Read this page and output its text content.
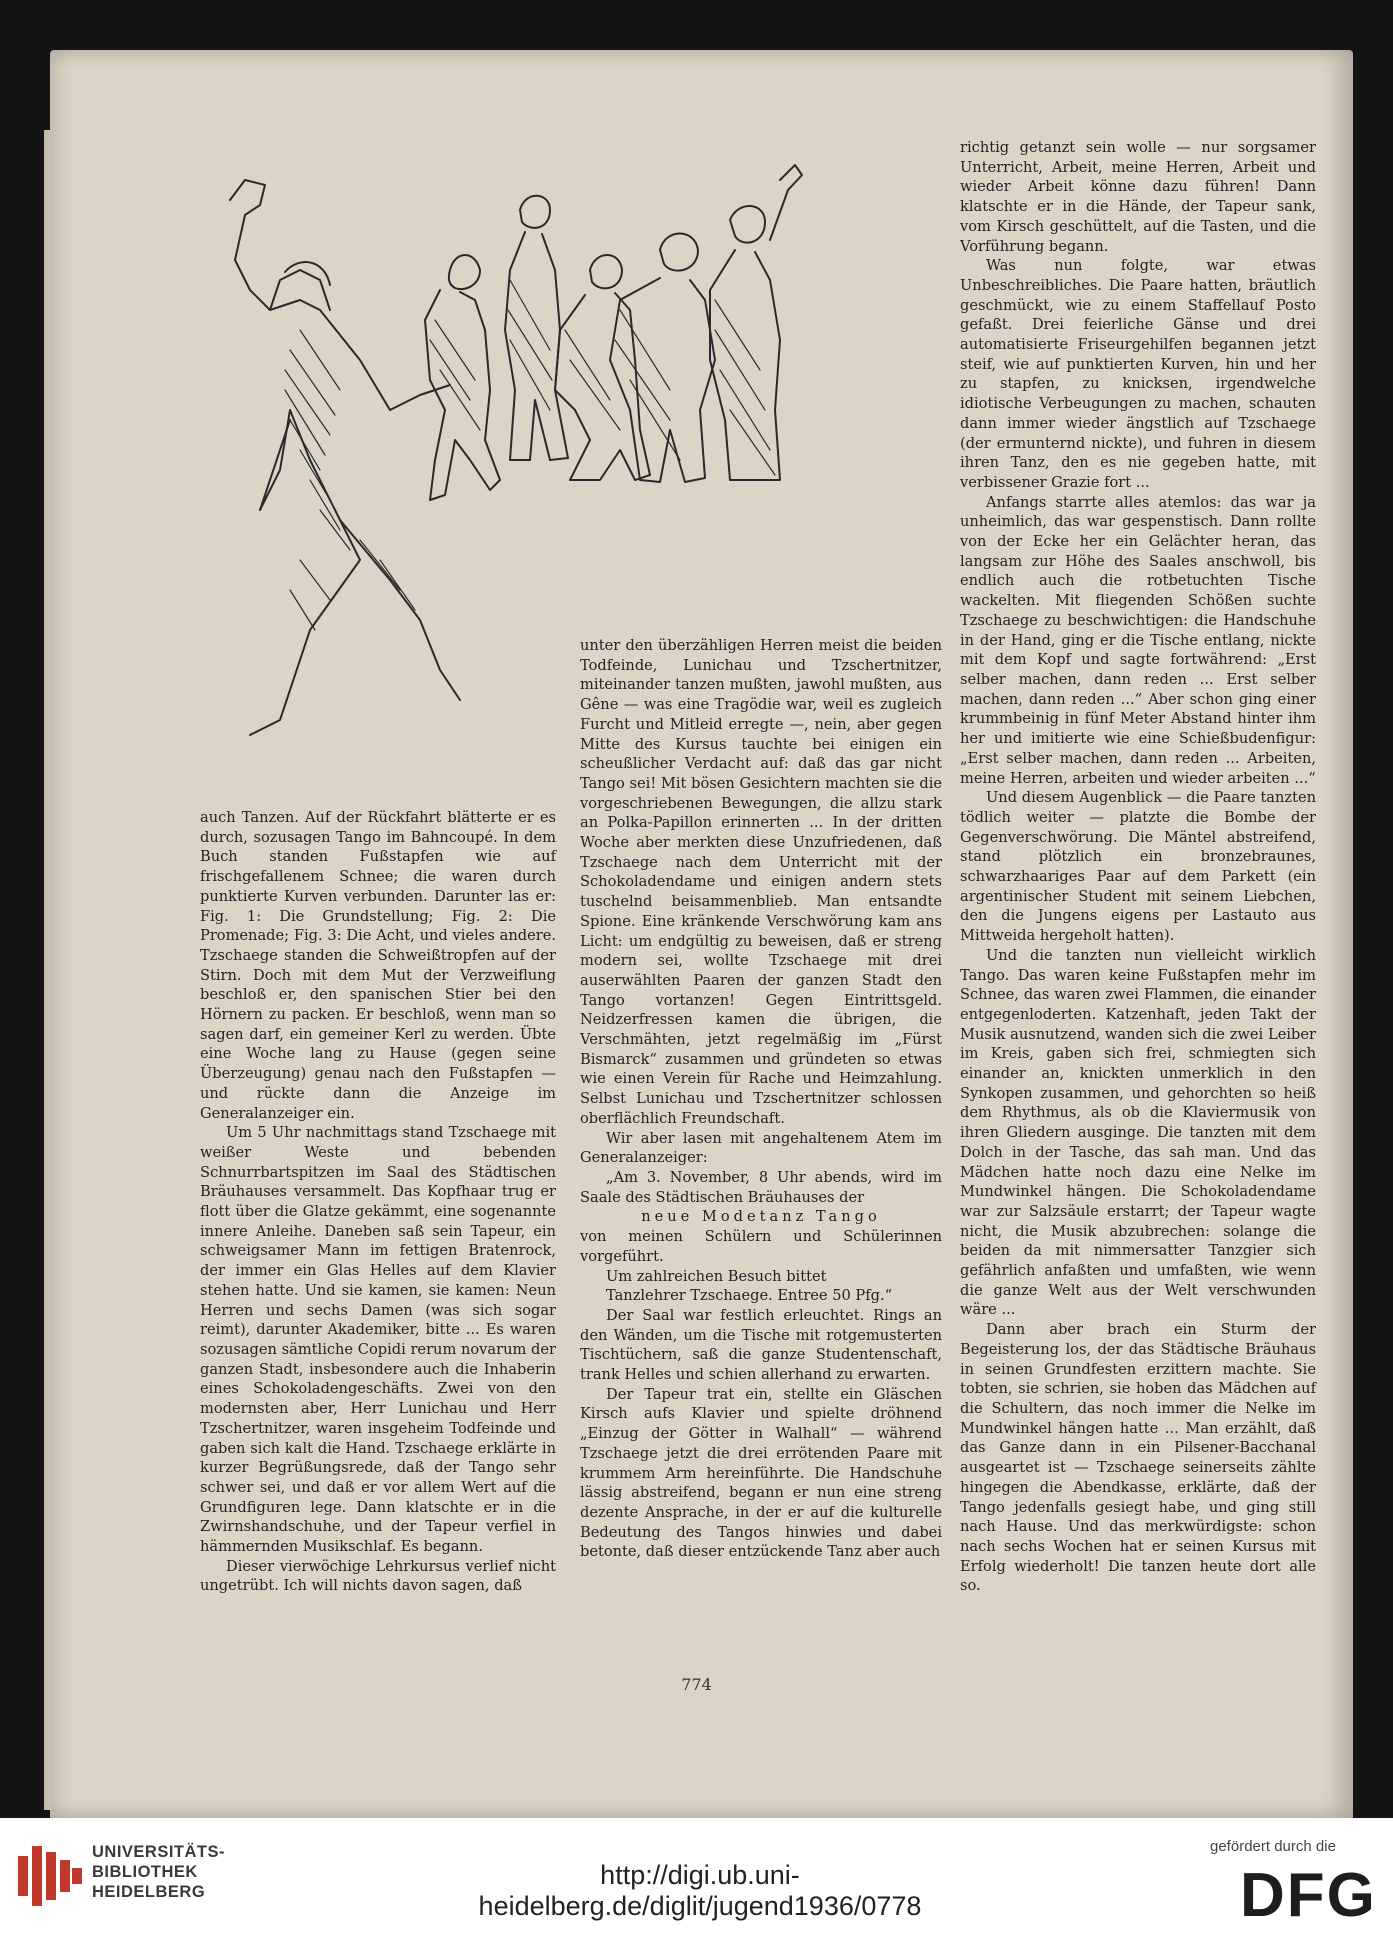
auch Tanzen. Auf der Rückfahrt blätterte er es durch, sozusagen Tango im Bahncoupé. In dem Buch standen Fußstapfen wie auf frischgefallenem Schnee; die waren durch punktierte Kurven verbunden. Darunter las er: Fig. 1: Die Grundstellung; Fig. 2: Die Promenade; Fig. 3: Die Acht, und vieles andere. Tzschaege standen die Schweißtropfen auf der Stirn. Doch mit dem Mut der Verzweiflung beschloß er, den spanischen Stier bei den Hörnern zu packen. Er beschloß, wenn man so sagen darf, ein gemeiner Kerl zu werden. Übte eine Woche lang zu Hause (gegen seine Überzeugung) genau nach den Fußstapfen — und rückte dann die Anzeige im Generalanzeiger ein.

Um 5 Uhr nachmittags stand Tzschaege mit weißer Weste und bebenden Schnurrbartspitzen im Saal des Städtischen Bräuhauses versammelt. Das Kopfhaar trug er flott über die Glatze gekämmt, eine sogenannte innere Anleihe. Daneben saß sein Tapeur, ein schweigsamer Mann im fettigen Bratenrock, der immer ein Glas Helles auf dem Klavier stehen hatte. Und sie kamen, sie kamen: Neun Herren und sechs Damen (was sich sogar reimt), darunter Akademiker, bitte ... Es waren sozusagen sämtliche Copidi rerum novarum der ganzen Stadt, insbesondere auch die Inhaberin eines Schokoladengeschäfts. Zwei von den modernsten aber, Herr Lunichau und Herr Tzschertnitzer, waren insgeheim Todfeinde und gaben sich kalt die Hand. Tzschaege erklärte in kurzer Begrüßungsrede, daß der Tango sehr schwer sei, und daß er vor allem Wert auf die Grundfiguren lege. Dann klatschte er in die Zwirnshandschuhe, und der Tapeur verfiel in hämmernden Musikschlaf. Es begann.

Dieser vierwöchige Lehrkursus verlief nicht ungetrübt. Ich will nichts davon sagen, daß

unter den überzähligen Herren meist die beiden Todfeinde, Lunichau und Tzschertnitzer, miteinander tanzen mußten, jawohl mußten, aus Gêne — was eine Tragödie war, weil es zugleich Furcht und Mitleid erregte —, nein, aber gegen Mitte des Kursus tauchte bei einigen ein scheußlicher Verdacht auf: daß das gar nicht Tango sei! Mit bösen Gesichtern machten sie die vorgeschriebenen Bewegungen, die allzu stark an Polka-Papillon erinnerten ... In der dritten Woche aber merkten diese Unzufriedenen, daß Tzschaege nach dem Unterricht mit der Schokoladendame und einigen andern stets tuschelnd beisammenblieb. Man entsandte Spione. Eine kränkende Verschwörung kam ans Licht: um endgültig zu beweisen, daß er streng modern sei, wollte Tzschaege mit drei auserwählten Paaren der ganzen Stadt den Tango vortanzen! Gegen Eintrittsgeld. Neidzerfressen kamen die übrigen, die Verschmähten, jetzt regelmäßig im „Fürst Bismarck“ zusammen und gründeten so etwas wie einen Verein für Rache und Heimzahlung. Selbst Lunichau und Tzschertnitzer schlossen oberflächlich Freundschaft.

Wir aber lasen mit angehaltenem Atem im Generalanzeiger:

„Am 3. November, 8 Uhr abends, wird im Saale des Städtischen Bräuhauses der

neue Modetanz Tango

von meinen Schülern und Schülerinnen vorgeführt.

Um zahlreichen Besuch bittet

Tanzlehrer Tzschaege. Entree 50 Pfg.“

Der Saal war festlich erleuchtet. Rings an den Wänden, um die Tische mit rotgemusterten Tischtüchern, saß die ganze Studentenschaft, trank Helles und schien allerhand zu erwarten.

Der Tapeur trat ein, stellte ein Gläschen Kirsch aufs Klavier und spielte dröhnend „Einzug der Götter in Walhall“ — während Tzschaege jetzt die drei errötenden Paare mit krummem Arm hereinführte. Die Handschuhe lässig abstreifend, begann er nun eine streng dezente Ansprache, in der er auf die kulturelle Bedeutung des Tangos hinwies und dabei betonte, daß dieser entzückende Tanz aber auch

richtig getanzt sein wolle — nur sorgsamer Unterricht, Arbeit, meine Herren, Arbeit und wieder Arbeit könne dazu führen! Dann klatschte er in die Hände, der Tapeur sank, vom Kirsch geschüttelt, auf die Tasten, und die Vorführung begann.

Was nun folgte, war etwas Unbeschreibliches. Die Paare hatten, bräutlich geschmückt, wie zu einem Staffellauf Posto gefaßt. Drei feierliche Gänse und drei automatisierte Friseurgehilfen begannen jetzt steif, wie auf punktierten Kurven, hin und her zu stapfen, zu knicksen, irgendwelche idiotische Verbeugungen zu machen, schauten dann immer wieder ängstlich auf Tzschaege (der ermunternd nickte), und fuhren in diesem ihren Tanz, den es nie gegeben hatte, mit verbissener Grazie fort ...

Anfangs starrte alles atemlos: das war ja unheimlich, das war gespenstisch. Dann rollte von der Ecke her ein Gelächter heran, das langsam zur Höhe des Saales anschwoll, bis endlich auch die rotbetuchten Tische wackelten. Mit fliegenden Schößen suchte Tzschaege zu beschwichtigen: die Handschuhe in der Hand, ging er die Tische entlang, nickte mit dem Kopf und sagte fortwährend: „Erst selber machen, dann reden ... Erst selber machen, dann reden ...“ Aber schon ging einer krummbeinig in fünf Meter Abstand hinter ihm her und imitierte wie eine Schießbudenfigur: „Erst selber machen, dann reden ... Arbeiten, meine Herren, arbeiten und wieder arbeiten ...“

Und diesem Augenblick — die Paare tanzten tödlich weiter — platzte die Bombe der Gegenverschwörung. Die Mäntel abstreifend, stand plötzlich ein bronzebraunes, schwarzhaariges Paar auf dem Parkett (ein argentinischer Student mit seinem Liebchen, den die Jungens eigens per Lastauto aus Mittweida hergeholt hatten).

Und die tanzten nun vielleicht wirklich Tango. Das waren keine Fußstapfen mehr im Schnee, das waren zwei Flammen, die einander entgegenloderten. Katzenhaft, jeden Takt der Musik ausnutzend, wanden sich die zwei Leiber im Kreis, gaben sich frei, schmiegten sich einander an, knickten unmerklich in den Synkopen zusammen, und gehorchten so heiß dem Rhythmus, als ob die Klaviermusik von ihren Gliedern ausginge. Die tanzten mit dem Dolch in der Tasche, das sah man. Und das Mädchen hatte noch dazu eine Nelke im Mundwinkel hängen. Die Schokoladendame war zur Salzsäule erstarrt; der Tapeur wagte nicht, die Musik abzubrechen: solange die beiden da mit nimmersatter Tanzgier sich gefährlich anfaßten und umfaßten, wie wenn die ganze Welt aus der Welt verschwunden wäre ...

Dann aber brach ein Sturm der Begeisterung los, der das Städtische Bräuhaus in seinen Grundfesten erzittern machte. Sie tobten, sie schrien, sie hoben das Mädchen auf die Schultern, das noch immer die Nelke im Mundwinkel hängen hatte ... Man erzählt, daß das Ganze dann in ein Pilsener-Bacchanal ausgeartet ist — Tzschaege seinerseits zählte hingegen die Abendkasse, erklärte, daß der Tango jedenfalls gesiegt habe, und ging still nach Hause. Und das merkwürdigste: schon nach sechs Wochen hat er seinen Kursus mit Erfolg wiederholt! Die tanzen heute dort alle so.

774
UNIVERSITÄTS-
BIBLIOTHEK
HEIDELBERG
http://digi.ub.uni-heidelberg.de/diglit/jugend1936/0778
gefördert durch die
DFG
